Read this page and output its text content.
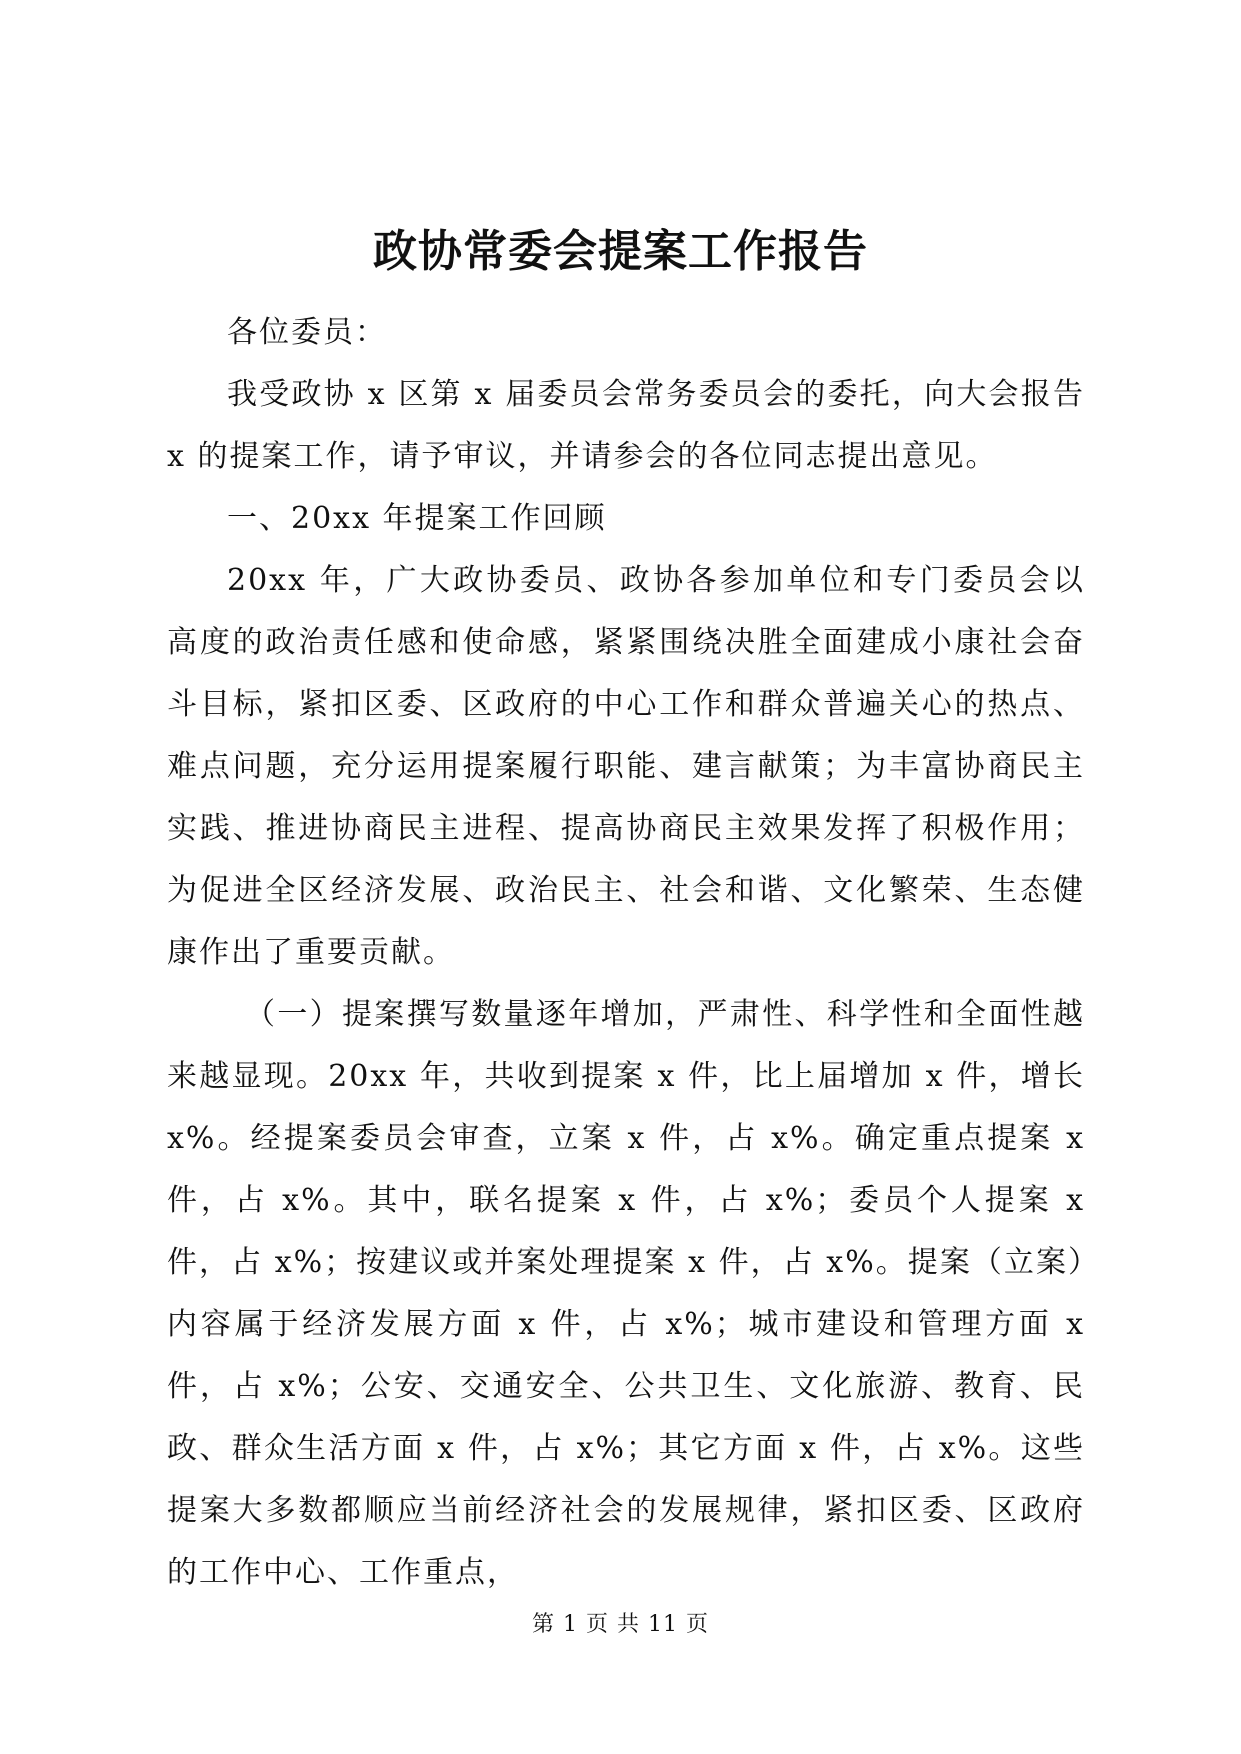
政协常委会提案工作报告

各位委员：

我受政协 x 区第 x 届委员会常务委员会的委托，向大会报告 x 的提案工作，请予审议，并请参会的各位同志提出意见。

一、20xx 年提案工作回顾

20xx 年，广大政协委员、政协各参加单位和专门委员会以高度的政治责任感和使命感，紧紧围绕决胜全面建成小康社会奋斗目标，紧扣区委、区政府的中心工作和群众普遍关心的热点、难点问题，充分运用提案履行职能、建言献策；为丰富协商民主实践、推进协商民主进程、提高协商民主效果发挥了积极作用；为促进全区经济发展、政治民主、社会和谐、文化繁荣、生态健康作出了重要贡献。

（一）提案撰写数量逐年增加，严肃性、科学性和全面性越来越显现。20xx 年，共收到提案 x 件，比上届增加 x 件，增长 x%。经提案委员会审查，立案 x 件，占 x%。确定重点提案 x 件，占 x%。其中，联名提案 x 件，占 x%；委员个人提案 x 件，占 x%；按建议或并案处理提案 x 件，占 x%。提案（立案）内容属于经济发展方面 x 件，占 x%；城市建设和管理方面 x 件，占 x%；公安、交通安全、公共卫生、文化旅游、教育、民政、群众生活方面 x 件，占 x%；其它方面 x 件，占 x%。这些提案大多数都顺应当前经济社会的发展规律，紧扣区委、区政府的工作中心、工作重点，

第 1 页 共 11 页
